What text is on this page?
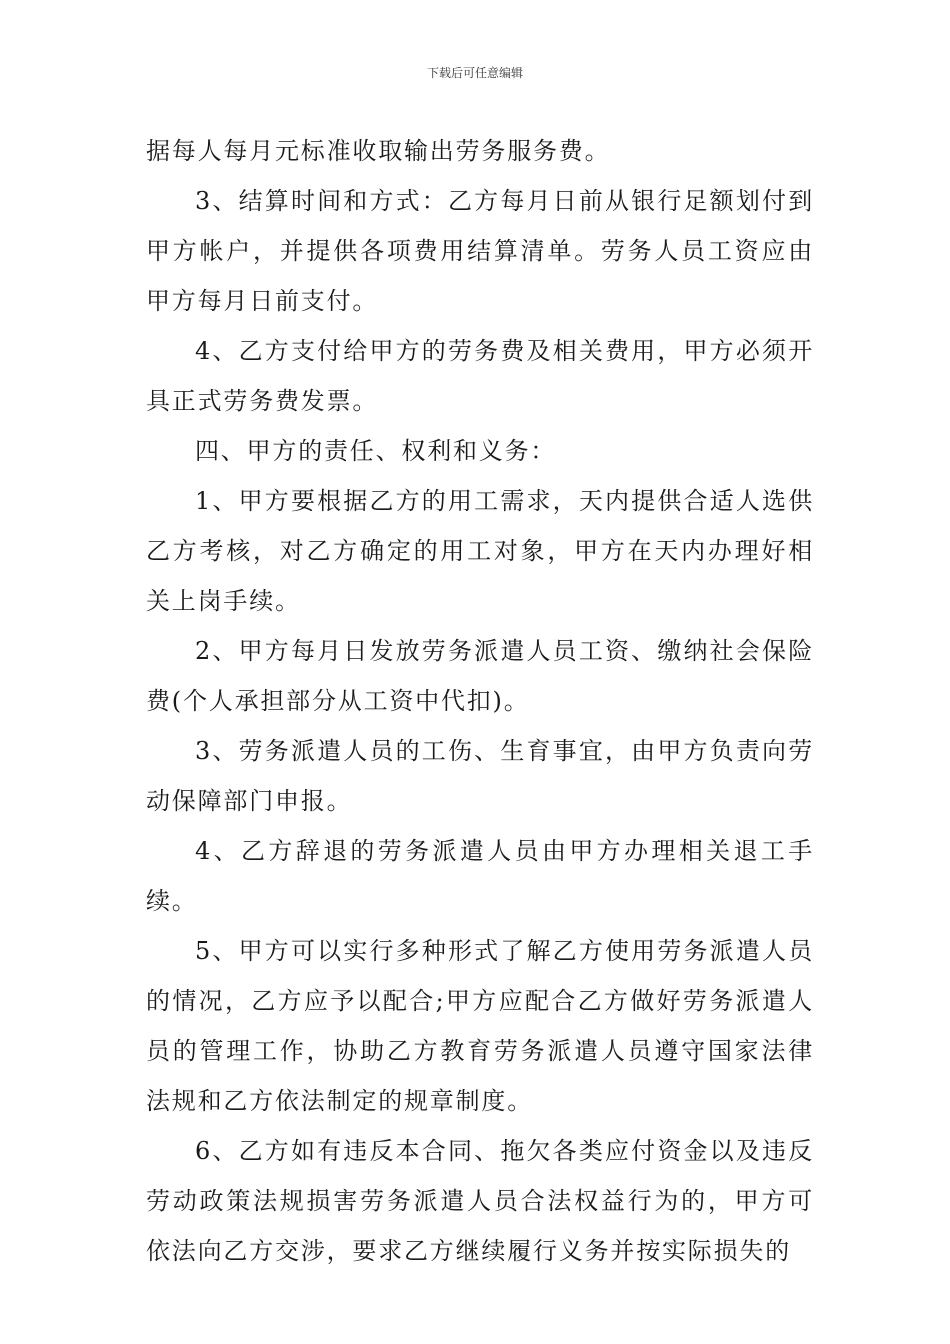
下载后可任意编辑

据每人每月元标准收取输出劳务服务费。

3、结算时间和方式：乙方每月日前从银行足额划付到甲方帐户，并提供各项费用结算清单。劳务人员工资应由甲方每月日前支付。

4、乙方支付给甲方的劳务费及相关费用，甲方必须开具正式劳务费发票。

四、甲方的责任、权利和义务：

1、甲方要根据乙方的用工需求，天内提供合适人选供乙方考核，对乙方确定的用工对象，甲方在天内办理好相关上岗手续。

2、甲方每月日发放劳务派遣人员工资、缴纳社会保险费(个人承担部分从工资中代扣)。

3、劳务派遣人员的工伤、生育事宜，由甲方负责向劳动保障部门申报。

4、乙方辞退的劳务派遣人员由甲方办理相关退工手续。

5、甲方可以实行多种形式了解乙方使用劳务派遣人员的情况，乙方应予以配合;甲方应配合乙方做好劳务派遣人员的管理工作，协助乙方教育劳务派遣人员遵守国家法律法规和乙方依法制定的规章制度。

6、乙方如有违反本合同、拖欠各类应付资金以及违反劳动政策法规损害劳务派遣人员合法权益行为的，甲方可依法向乙方交涉，要求乙方继续履行义务并按实际损失的
